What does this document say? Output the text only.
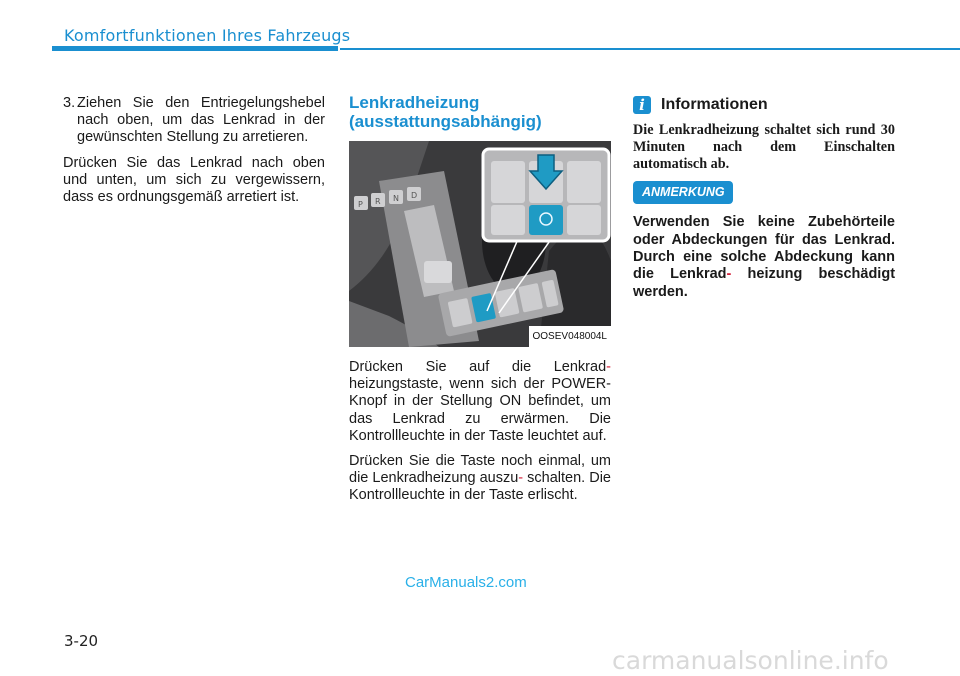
Komfortfunktionen Ihres Fahrzeugs
3. Ziehen Sie den Entriegelungshebel nach oben, um das Lenkrad in der gewünschten Stellung zu arretieren.

Drücken Sie das Lenkrad nach oben und unten, um sich zu vergewissern, dass es ordnungsgemäß arretiert ist.

Lenkradheizung (ausstattungsabhängig)
P R N D
OOSEV048004L

Drücken Sie auf die Lenkrad- heizungstaste, wenn sich der POWER-Knopf in der Stellung ON befindet, um das Lenkrad zu erwärmen. Die Kontrollleuchte in der Taste leuchtet auf.

Drücken Sie die Taste noch einmal, um die Lenkradheizung auszu- schalten. Die Kontrollleuchte in der Taste erlischt.

i	Informationen

Die Lenkradheizung schaltet sich rund 30 Minuten nach dem Einschalten automatisch ab.

ANMERKUNG

Verwenden Sie keine Zubehörteile oder Abdeckungen für das Lenkrad. Durch eine solche Abdeckung kann die Lenkrad- heizung beschädigt werden.

CarManuals2.com
3-20
carmanualsonline.info
